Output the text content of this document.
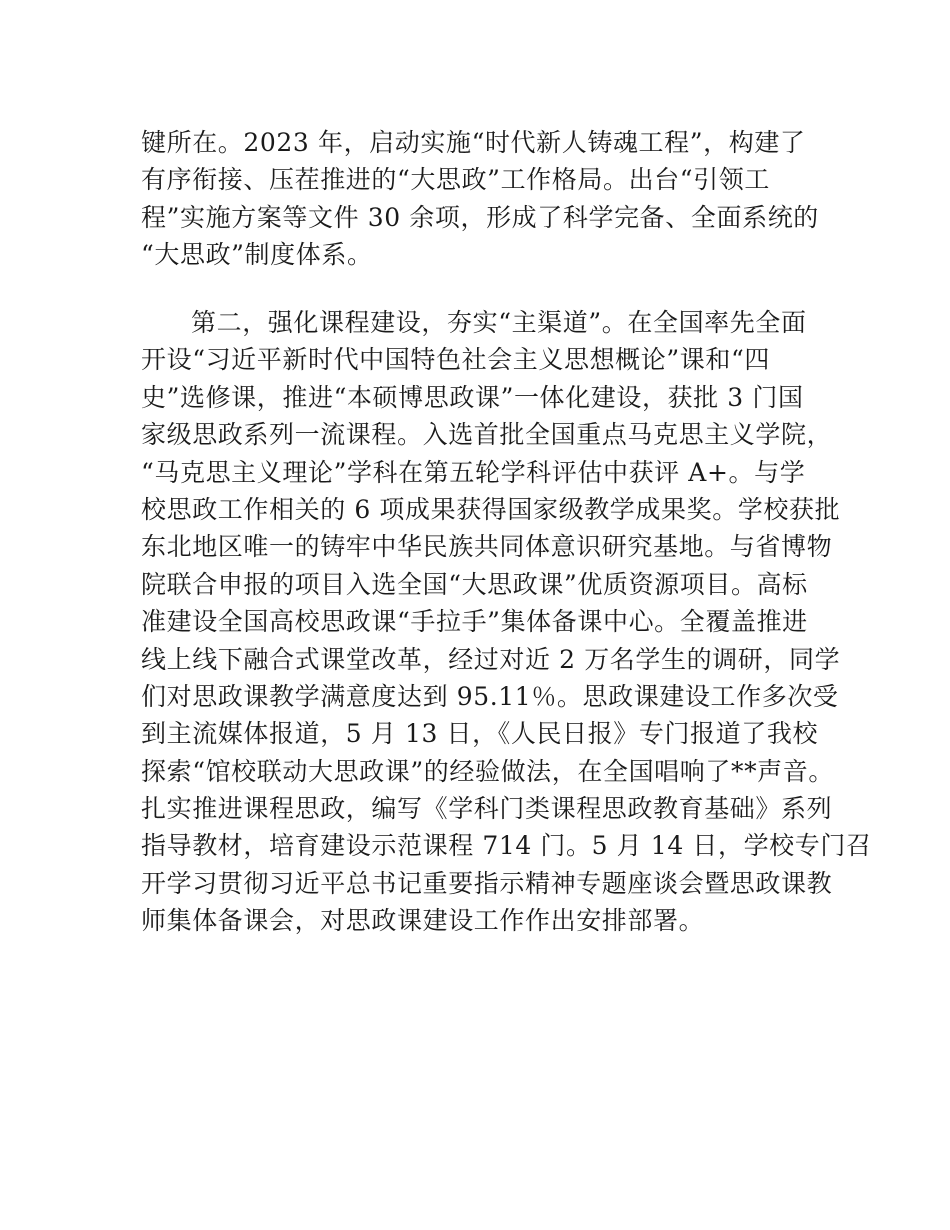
键所在。2023 年，启动实施“时代新人铸魂工程”，构建了
有序衔接、压茬推进的“大思政”工作格局。出台“引领工
程”实施方案等文件 30 余项，形成了科学完备、全面系统的
“大思政”制度体系。
第二，强化课程建设，夯实“主渠道”。在全国率先全面
开设“习近平新时代中国特色社会主义思想概论”课和“四
史”选修课，推进“本硕博思政课”一体化建设，获批 3 门国
家级思政系列一流课程。入选首批全国重点马克思主义学院，
“马克思主义理论”学科在第五轮学科评估中获评 A+。与学
校思政工作相关的 6 项成果获得国家级教学成果奖。学校获批
东北地区唯一的铸牢中华民族共同体意识研究基地。与省博物
院联合申报的项目入选全国“大思政课”优质资源项目。高标
准建设全国高校思政课“手拉手”集体备课中心。全覆盖推进
线上线下融合式课堂改革，经过对近 2 万名学生的调研，同学
们对思政课教学满意度达到 95.11％。思政课建设工作多次受
到主流媒体报道，5 月 13 日，《人民日报》专门报道了我校
探索“馆校联动大思政课”的经验做法，在全国唱响了**声音。
扎实推进课程思政，编写《学科门类课程思政教育基础》系列
指导教材，培育建设示范课程 714 门。5 月 14 日，学校专门召
开学习贯彻习近平总书记重要指示精神专题座谈会暨思政课教
师集体备课会，对思政课建设工作作出安排部署。
